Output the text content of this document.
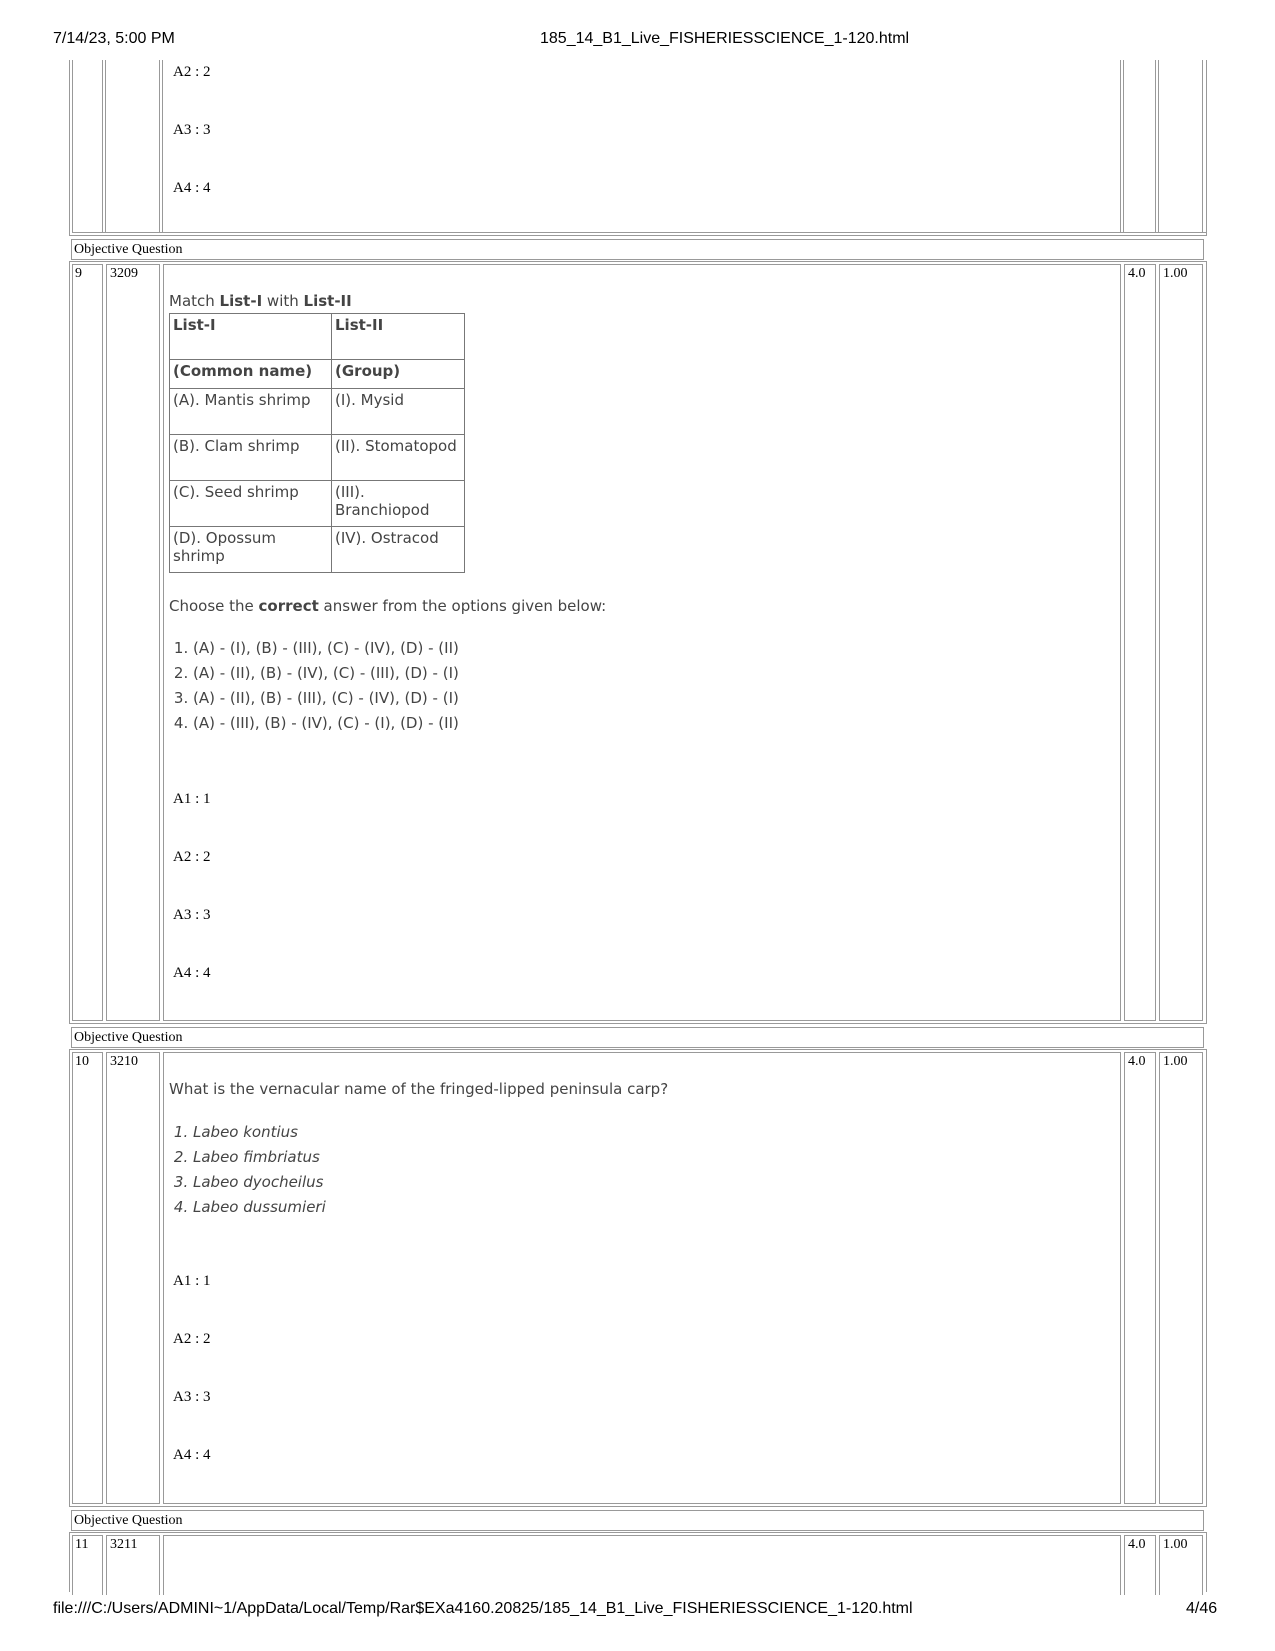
7/14/23, 5:00 PM	185_14_B1_Live_FISHERIESSCIENCE_1-120.html
file:///C:/Users/ADMINI~1/AppData/Local/Temp/Rar$EXa4160.20825/185_14_B1_Live_FISHERIESSCIENCE_1-120.html	4/46
A2 : 2
A3 : 3
A4 : 4
Objective Question
9	3209	4.0	1.00
Match List-I with List-II
List-I	List-II
(Common name)	(Group)
(A). Mantis shrimp	(I). Mysid
(B). Clam shrimp	(II). Stomatopod
(C). Seed shrimp	(III). Branchiopod
(D). Opossum shrimp	(IV). Ostracod
Choose the correct answer from the options given below:
1. (A) - (I), (B) - (III), (C) - (IV), (D) - (II)
2. (A) - (II), (B) - (IV), (C) - (III), (D) - (I)
3. (A) - (II), (B) - (III), (C) - (IV), (D) - (I)
4. (A) - (III), (B) - (IV), (C) - (I), (D) - (II)
A1 : 1
A2 : 2
A3 : 3
A4 : 4
Objective Question
10	3210	4.0	1.00
What is the vernacular name of the fringed-lipped peninsula carp?
1. Labeo kontius
2. Labeo fimbriatus
3. Labeo dyocheilus
4. Labeo dussumieri
A1 : 1
A2 : 2
A3 : 3
A4 : 4
Objective Question
11	3211	4.0	1.00
